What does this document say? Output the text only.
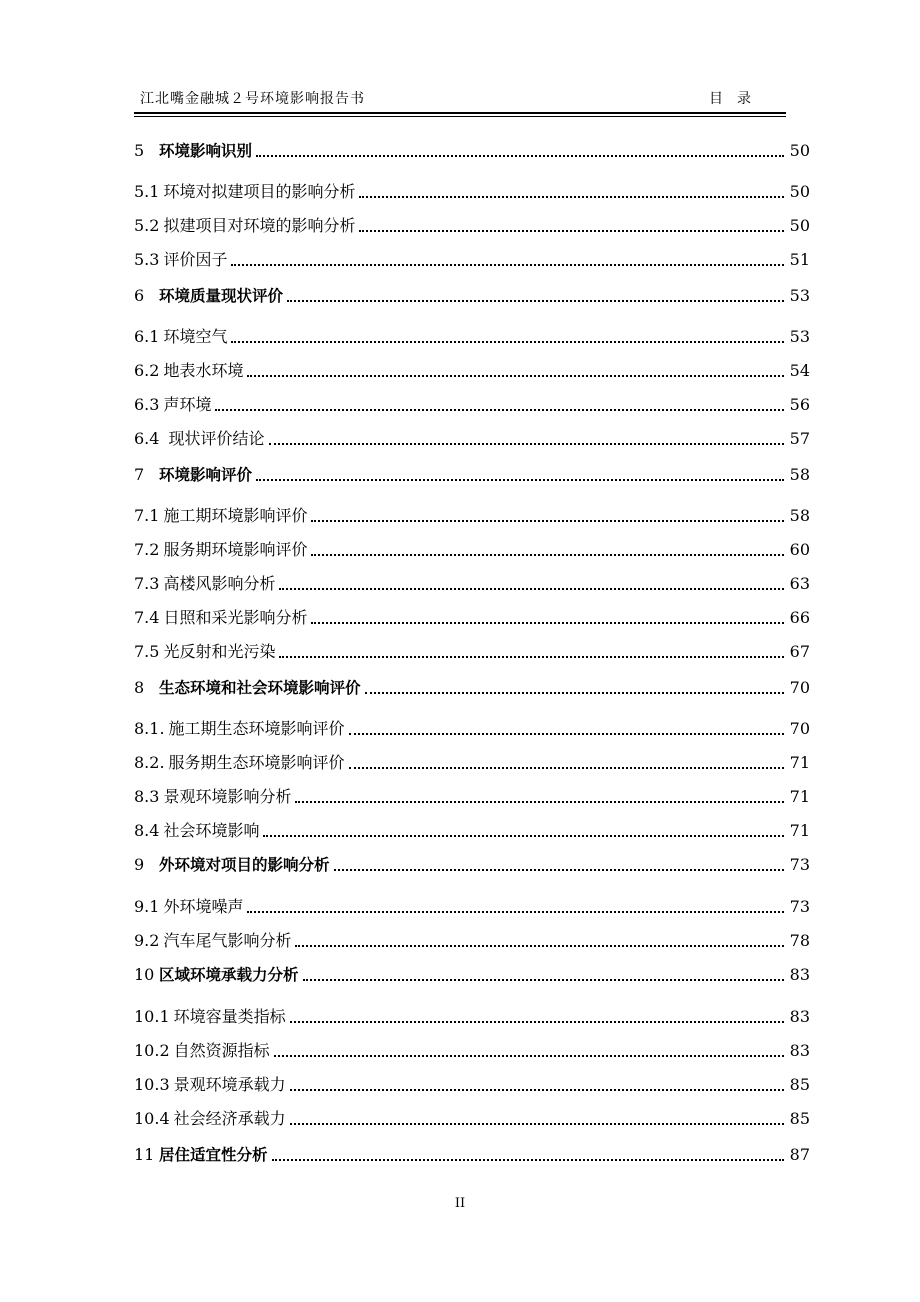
江北嘴金融城２号环境影响报告书	目录
5 环境影响识别	50
5.1 环境对拟建项目的影响分析	50
5.2 拟建项目对环境的影响分析	50
5.3 评价因子	51
6 环境质量现状评价	53
6.1 环境空气	53
6.2 地表水环境	54
6.3 声环境	56
6.4 现状评价结论	57
7 环境影响评价	58
7.1 施工期环境影响评价	58
7.2 服务期环境影响评价	60
7.3 高楼风影响分析	63
7.4 日照和采光影响分析	66
7.5 光反射和光污染	67
8 生态环境和社会环境影响评价	70
8.1. 施工期生态环境影响评价	70
8.2. 服务期生态环境影响评价	71
8.3 景观环境影响分析	71
8.4 社会环境影响	71
9 外环境对项目的影响分析	73
9.1 外环境噪声	73
9.2 汽车尾气影响分析	78
10 区域环境承载力分析	83
10.1 环境容量类指标	83
10.2 自然资源指标	83
10.3 景观环境承载力	85
10.4 社会经济承载力	85
11 居住适宜性分析	87
II
